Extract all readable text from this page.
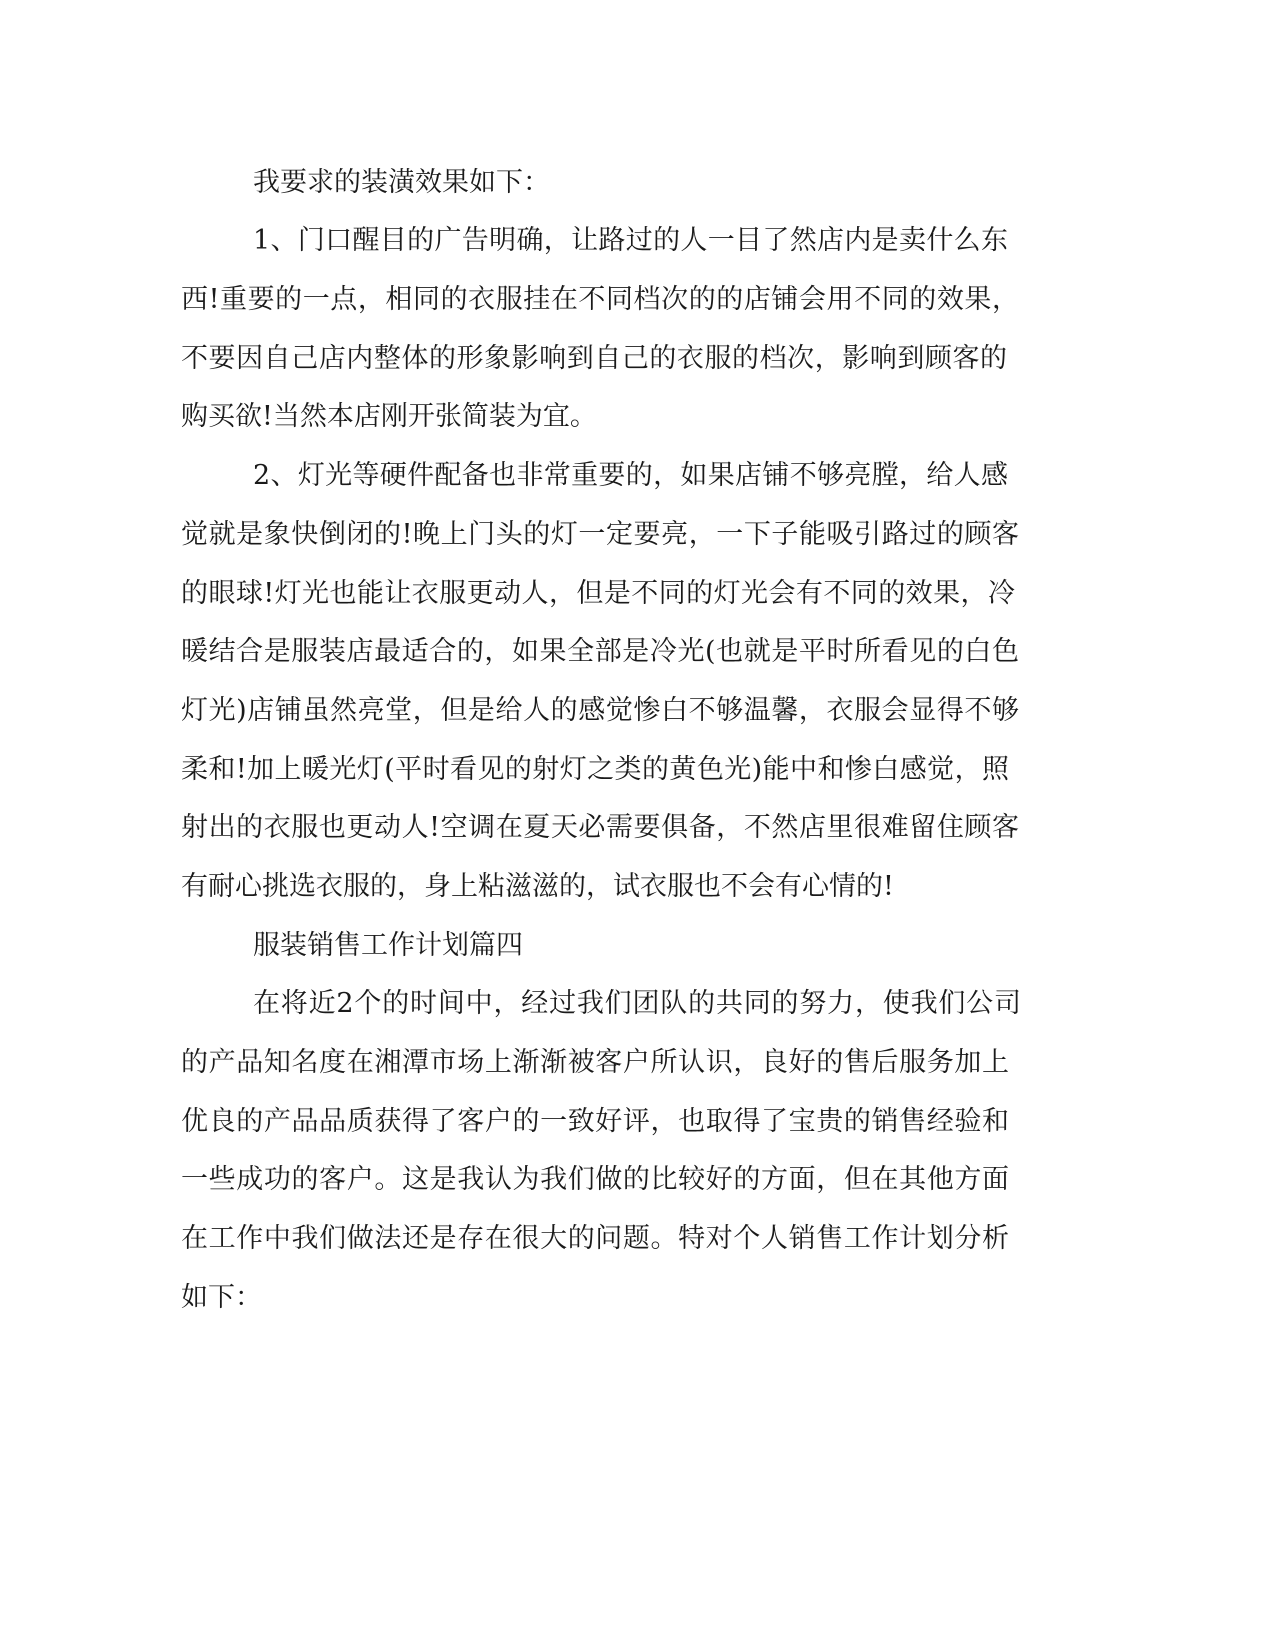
我要求的装潢效果如下：

1、门口醒目的广告明确，让路过的人一目了然店内是卖什么东

西!重要的一点，相同的衣服挂在不同档次的的店铺会用不同的效果，

不要因自己店内整体的形象影响到自己的衣服的档次，影响到顾客的

购买欲!当然本店刚开张简装为宜。

2、灯光等硬件配备也非常重要的，如果店铺不够亮膛，给人感

觉就是象快倒闭的!晚上门头的灯一定要亮，一下子能吸引路过的顾客

的眼球!灯光也能让衣服更动人，但是不同的灯光会有不同的效果，冷

暖结合是服装店最适合的，如果全部是冷光(也就是平时所看见的白色

灯光)店铺虽然亮堂，但是给人的感觉惨白不够温馨，衣服会显得不够

柔和!加上暖光灯(平时看见的射灯之类的黄色光)能中和惨白感觉，照

射出的衣服也更动人!空调在夏天必需要俱备，不然店里很难留住顾客

有耐心挑选衣服的，身上粘滋滋的，试衣服也不会有心情的!

服装销售工作计划篇四

在将近2个的时间中，经过我们团队的共同的努力，使我们公司

的产品知名度在湘潭市场上渐渐被客户所认识，良好的售后服务加上

优良的产品品质获得了客户的一致好评，也取得了宝贵的销售经验和

一些成功的客户。这是我认为我们做的比较好的方面，但在其他方面

在工作中我们做法还是存在很大的问题。特对个人销售工作计划分析

如下：
